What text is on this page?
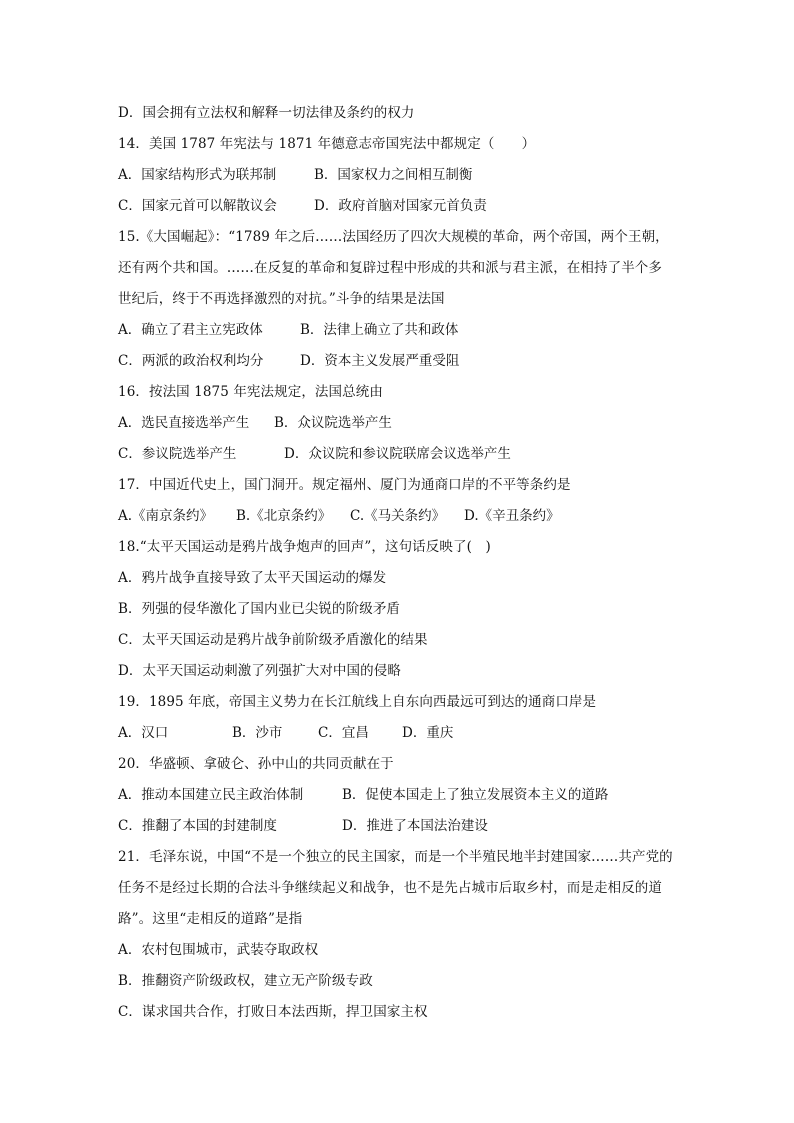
D．国会拥有立法权和解释一切法律及条约的权力
14．美国 1787 年宪法与 1871 年德意志帝国宪法中都规定（　　）
A．国家结构形式为联邦制	B．国家权力之间相互制衡
C．国家元首可以解散议会	D．政府首脑对国家元首负责
15.《大国崛起》：“1789 年之后……法国经历了四次大规模的革命，两个帝国，两个王朝，
还有两个共和国。……在反复的革命和复辟过程中形成的共和派与君主派，在相持了半个多
世纪后，终于不再选择激烈的对抗。”斗争的结果是法国
A．确立了君主立宪政体	B．法律上确立了共和政体
C．两派的政治权利均分	D．资本主义发展严重受阻
16．按法国 1875 年宪法规定，法国总统由
A．选民直接选举产生 B．众议院选举产生
C．参议院选举产生	D．众议院和参议院联席会议选举产生
17．中国近代史上，国门洞开。规定福州、厦门为通商口岸的不平等条约是
A.《南京条约》 B.《北京条约》 C.《马关条约》 D.《辛丑条约》
18.“太平天国运动是鸦片战争炮声的回声”，这句话反映了(　)
A．鸦片战争直接导致了太平天国运动的爆发
B．列强的侵华激化了国内业已尖锐的阶级矛盾
C．太平天国运动是鸦片战争前阶级矛盾激化的结果
D．太平天国运动刺激了列强扩大对中国的侵略
19．1895 年底，帝国主义势力在长江航线上自东向西最远可到达的通商口岸是
A．汉口	B．沙市	C．宜昌 D．重庆
20．华盛顿、拿破仑、孙中山的共同贡献在于
A．推动本国建立民主政治体制	B．促使本国走上了独立发展资本主义的道路
C．推翻了本国的封建制度	D．推进了本国法治建设
21．毛泽东说，中国“不是一个独立的民主国家，而是一个半殖民地半封建国家……共产党的
任务不是经过长期的合法斗争继续起义和战争，也不是先占城市后取乡村，而是走相反的道
路”。这里“走相反的道路”是指
A．农村包围城市，武装夺取政权
B．推翻资产阶级政权，建立无产阶级专政
C．谋求国共合作，打败日本法西斯，捍卫国家主权
